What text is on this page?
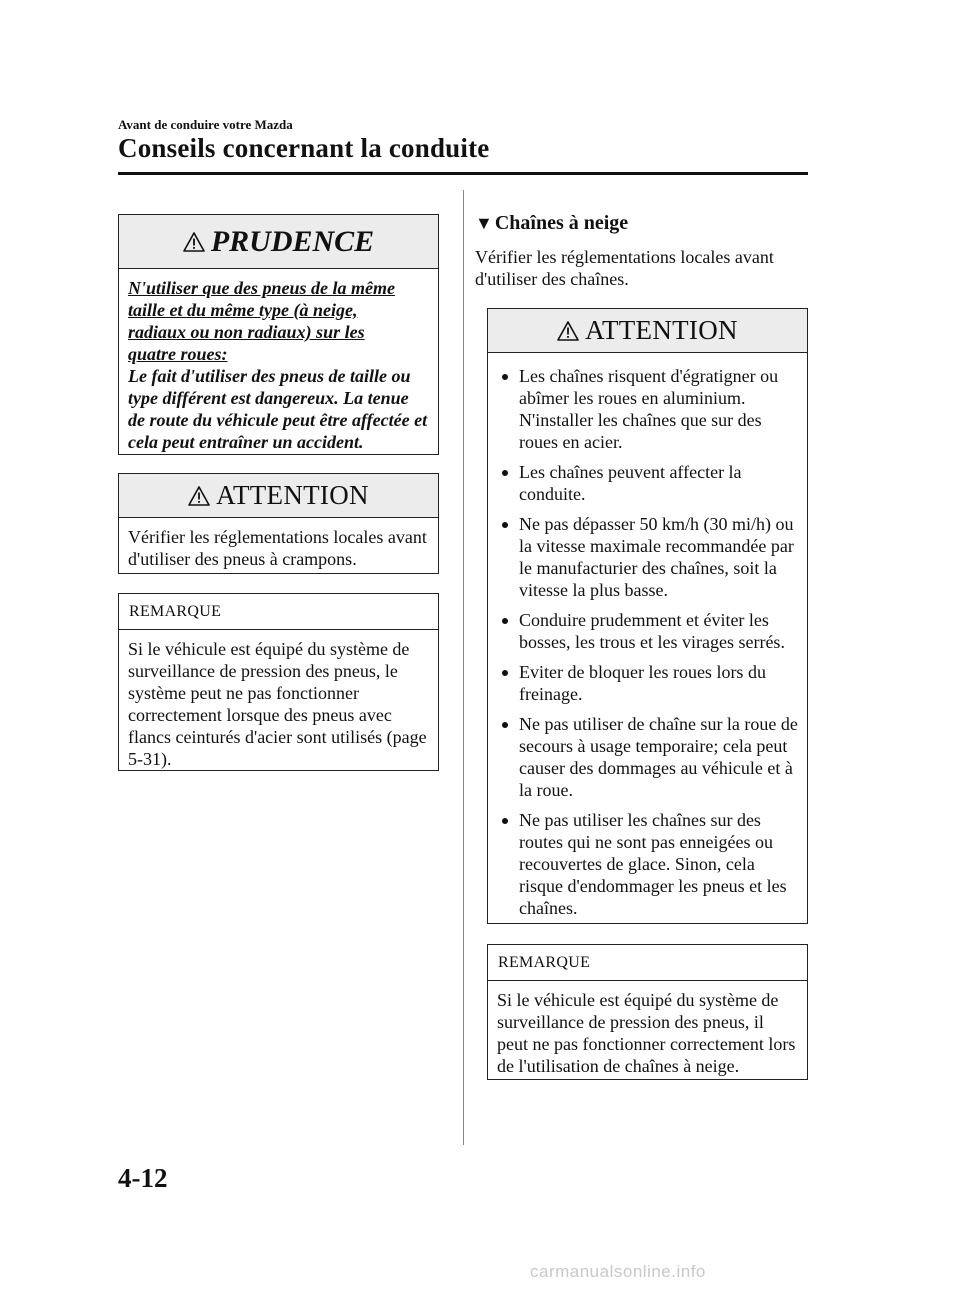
Avant de conduire votre Mazda
Conseils concernant la conduite
PRUDENCE
N'utiliser que des pneus de la même
taille et du même type (à neige,
radiaux ou non radiaux) sur les
quatre roues:
Le fait d'utiliser des pneus de taille ou type différent est dangereux. La tenue de route du véhicule peut être affectée et cela peut entraîner un accident.
ATTENTION
Vérifier les réglementations locales avant d'utiliser des pneus à crampons.
REMARQUE
Si le véhicule est équipé du système de surveillance de pression des pneus, le système peut ne pas fonctionner correctement lorsque des pneus avec flancs ceinturés d'acier sont utilisés (page 5-31).
▼ Chaînes à neige
Vérifier les réglementations locales avant d'utiliser des chaînes.
ATTENTION
Les chaînes risquent d'égratigner ou abîmer les roues en aluminium. N'installer les chaînes que sur des roues en acier.
Les chaînes peuvent affecter la conduite.
Ne pas dépasser 50 km/h (30 mi/h) ou la vitesse maximale recommandée par le manufacturier des chaînes, soit la vitesse la plus basse.
Conduire prudemment et éviter les bosses, les trous et les virages serrés.
Eviter de bloquer les roues lors du freinage.
Ne pas utiliser de chaîne sur la roue de secours à usage temporaire; cela peut causer des dommages au véhicule et à la roue.
Ne pas utiliser les chaînes sur des routes qui ne sont pas enneigées ou recouvertes de glace. Sinon, cela risque d'endommager les pneus et les chaînes.
REMARQUE
Si le véhicule est équipé du système de surveillance de pression des pneus, il peut ne pas fonctionner correctement lors de l'utilisation de chaînes à neige.
4-12
carmanualsonline.info
